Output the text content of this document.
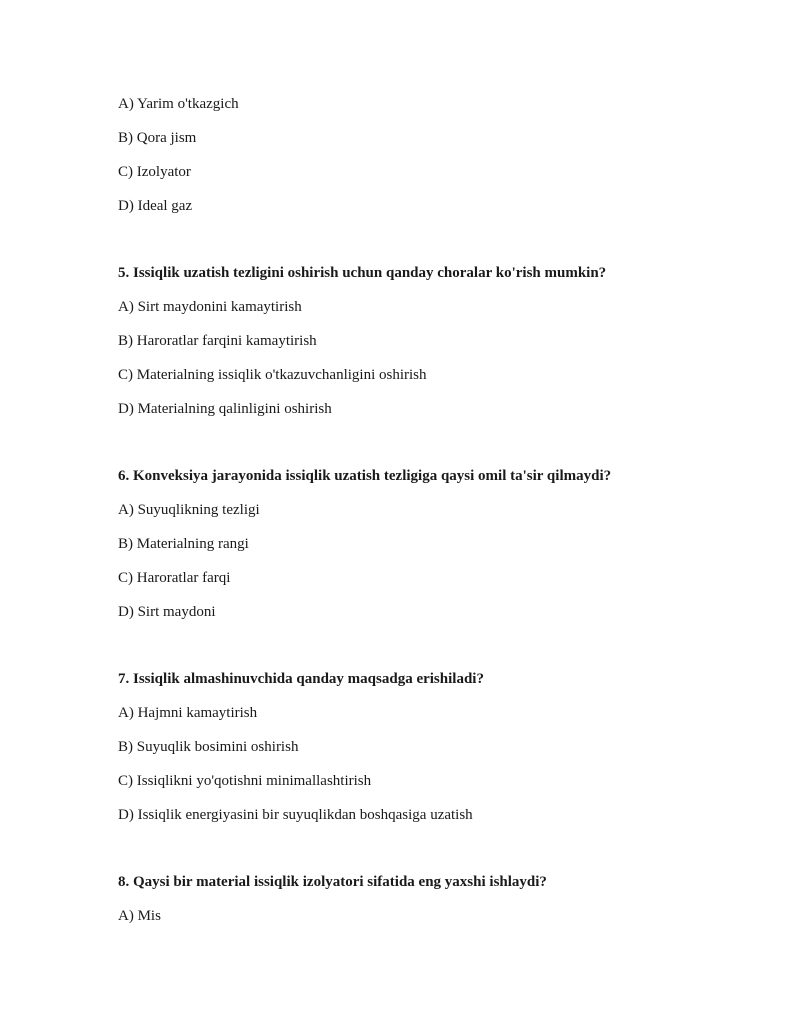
A) Yarim o'tkazgich
B) Qora jism
C) Izolyator
D) Ideal gaz
5. Issiqlik uzatish tezligini oshirish uchun qanday choralar ko'rish mumkin?
A) Sirt maydonini kamaytirish
B) Haroratlar farqini kamaytirish
C) Materialning issiqlik o'tkazuvchanligini oshirish
D) Materialning qalinligini oshirish
6. Konveksiya jarayonida issiqlik uzatish tezligiga qaysi omil ta'sir qilmaydi?
A) Suyuqlikning tezligi
B) Materialning rangi
C) Haroratlar farqi
D) Sirt maydoni
7. Issiqlik almashinuvchida qanday maqsadga erishiladi?
A) Hajmni kamaytirish
B) Suyuqlik bosimini oshirish
C) Issiqlikni yo'qotishni minimallashtirish
D) Issiqlik energiyasini bir suyuqlikdan boshqasiga uzatish
8. Qaysi bir material issiqlik izolyatori sifatida eng yaxshi ishlaydi?
A) Mis
